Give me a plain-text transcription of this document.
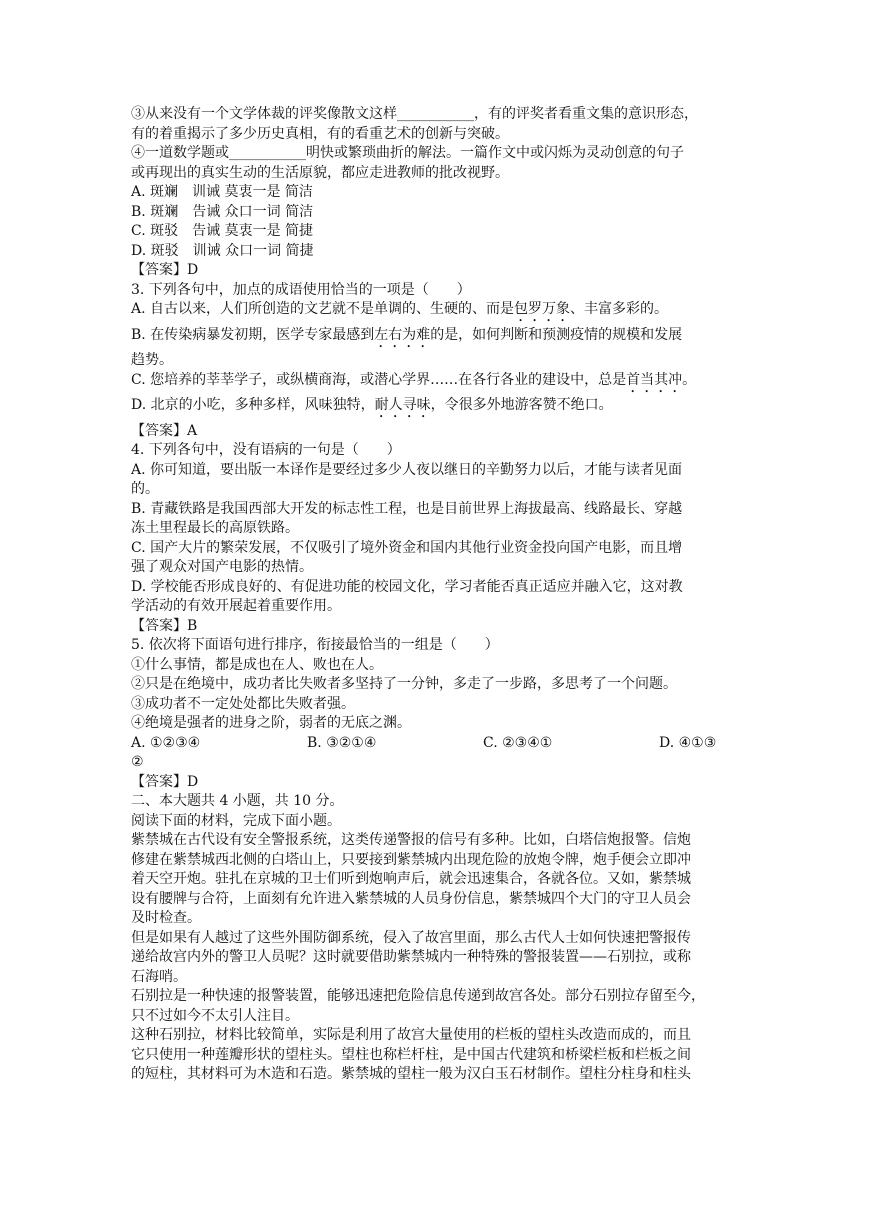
③从来没有一个文学体裁的评奖像散文这样___________，有的评奖者看重文集的意识形态，
有的着重揭示了多少历史真相，有的看重艺术的创新与突破。
④一道数学题或___________明快或繁琐曲折的解法。一篇作文中或闪烁为灵动创意的句子
或再现出的真实生动的生活原貌，都应走进教师的批改视野。
A. 斑斓　训诫 莫衷一是 简洁
B. 斑斓　告诫 众口一词 简洁
C. 斑驳　告诫 莫衷一是 简捷
D. 斑驳　训诫 众口一词 简捷
【答案】D
3. 下列各句中，加点的成语使用恰当的一项是（　　）
A. 自古以来，人们所创造的文艺就不是单调的、生硬的、而是包罗万象、丰富多彩的。
B. 在传染病暴发初期，医学专家最感到左右为难的是，如何判断和预测疫情的规模和发展
趋势。
C. 您培养的莘莘学子，或纵横商海，或潜心学界……在各行各业的建设中，总是首当其冲。
D. 北京的小吃，多种多样，风味独特，耐人寻味，令很多外地游客赞不绝口。
【答案】A
4. 下列各句中，没有语病的一句是（　　）
A. 你可知道，要出版一本译作是要经过多少人夜以继日的辛勤努力以后，才能与读者见面
的。
B. 青藏铁路是我国西部大开发的标志性工程，也是目前世界上海拔最高、线路最长、穿越
冻土里程最长的高原铁路。
C. 国产大片的繁荣发展，不仅吸引了境外资金和国内其他行业资金投向国产电影，而且增
强了观众对国产电影的热情。
D. 学校能否形成良好的、有促进功能的校园文化，学习者能否真正适应并融入它，这对教
学活动的有效开展起着重要作用。
【答案】B
5. 依次将下面语句进行排序，衔接最恰当的一组是（　　）
①什么事情，都是成也在人、败也在人。
②只是在绝境中，成功者比失败者多坚持了一分钟，多走了一步路，多思考了一个问题。
③成功者不一定处处都比失败者强。
④绝境是强者的进身之阶，弱者的无底之渊。
A. ①②③④	B. ③②①④	C. ②③④①	D. ④①③
②
【答案】D
二、本大题共 4 小题，共 10 分。
阅读下面的材料，完成下面小题。
紫禁城在古代设有安全警报系统，这类传递警报的信号有多种。比如，白塔信炮报警。信炮
修建在紫禁城西北侧的白塔山上，只要接到紫禁城内出现危险的放炮令牌，炮手便会立即冲
着天空开炮。驻扎在京城的卫士们听到炮响声后，就会迅速集合，各就各位。又如，紫禁城
设有腰牌与合符，上面刻有允许进入紫禁城的人员身份信息，紫禁城四个大门的守卫人员会
及时检查。
但是如果有人越过了这些外围防御系统，侵入了故宫里面，那么古代人士如何快速把警报传
递给故宫内外的警卫人员呢？这时就要借助紫禁城内一种特殊的警报装置——石别拉，或称
石海哨。
石别拉是一种快速的报警装置，能够迅速把危险信息传递到故宫各处。部分石别拉存留至今，
只不过如今不太引人注目。
这种石别拉，材料比较简单，实际是利用了故宫大量使用的栏板的望柱头改造而成的，而且
它只使用一种莲瓣形状的望柱头。望柱也称栏杆柱，是中国古代建筑和桥梁栏板和栏板之间
的短柱，其材料可为木造和石造。紫禁城的望柱一般为汉白玉石材制作。望柱分柱身和柱头
